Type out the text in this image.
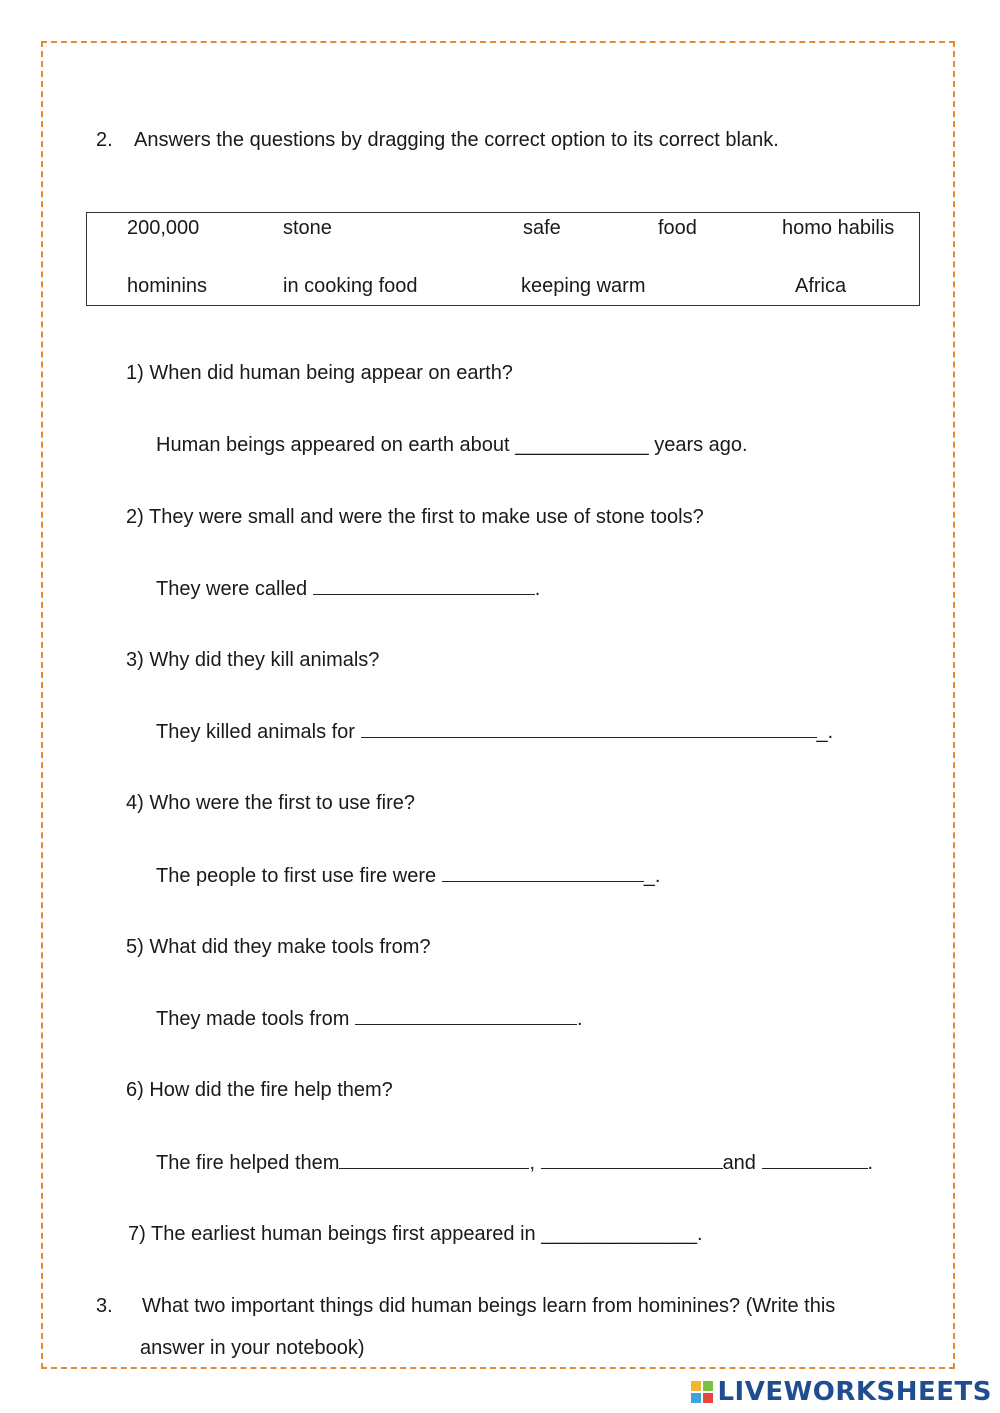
2. Answers the questions by dragging the correct option to its correct blank.
200,000	stone	safe	food	homo habilis
hominins	in cooking food	keeping warm	Africa
1) When did human being appear on earth?
Human beings appeared on earth about ____________ years ago.
2) They were small and were the first to make use of stone tools?
They were called	.
3) Why did they kill animals?
They killed animals for	_.
4) Who were the first to use fire?
The people to first use fire were	_.
5) What did they make tools from?
They made tools from	.
6) How did the fire help them?
The fire helped them	,	and	.
7) The earliest human beings first appeared in ______________.
3. What two important things did human beings learn from hominines? (Write this
answer in your notebook)
LIVEWORKSHEETS
